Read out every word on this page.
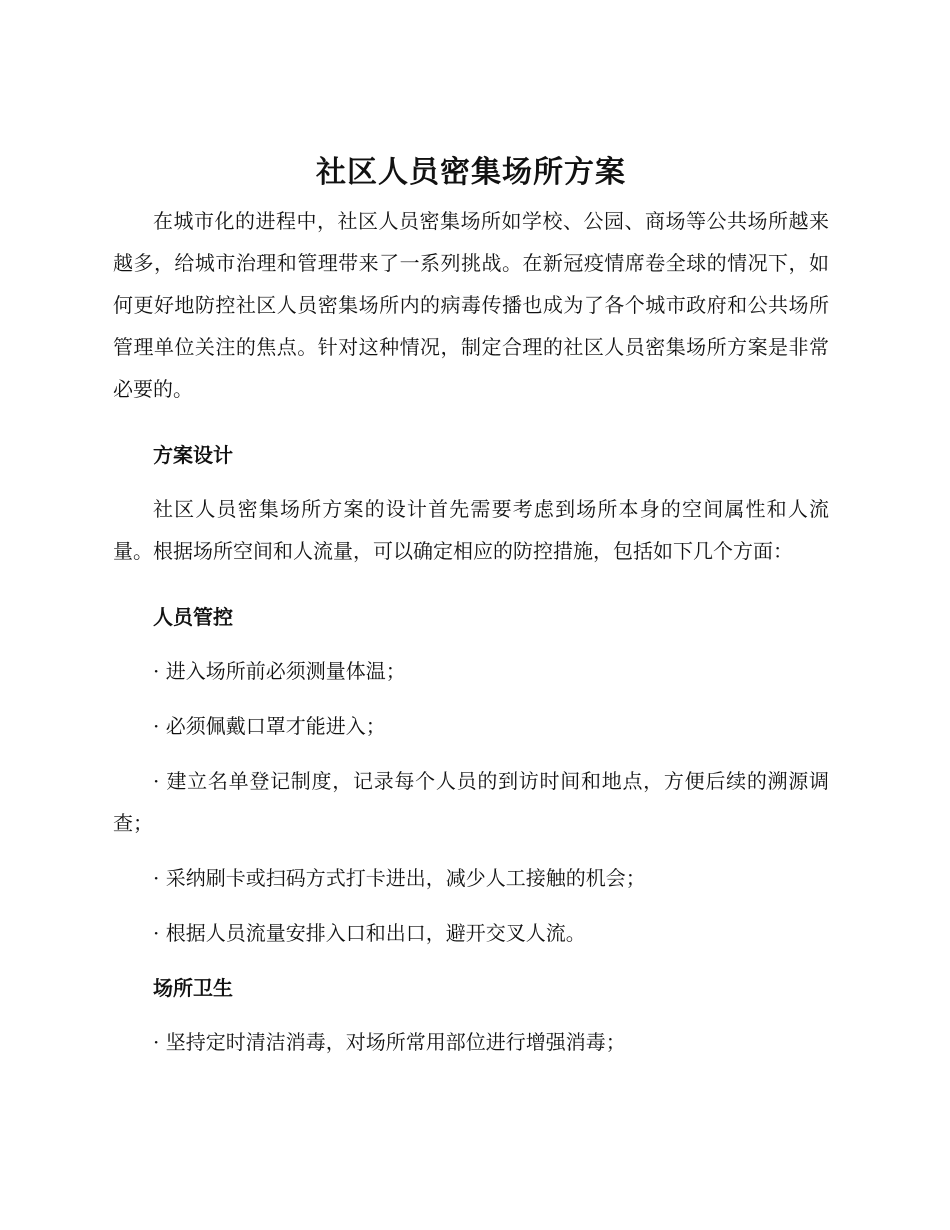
社区人员密集场所方案

在城市化的进程中，社区人员密集场所如学校、公园、商场等公共场所越来越多，给城市治理和管理带来了一系列挑战。在新冠疫情席卷全球的情况下，如何更好地防控社区人员密集场所内的病毒传播也成为了各个城市政府和公共场所管理单位关注的焦点。针对这种情况，制定合理的社区人员密集场所方案是非常必要的。

方案设计

社区人员密集场所方案的设计首先需要考虑到场所本身的空间属性和人流量。根据场所空间和人流量，可以确定相应的防控措施，包括如下几个方面：

人员管控

· 进入场所前必须测量体温；

· 必须佩戴口罩才能进入；

· 建立名单登记制度，记录每个人员的到访时间和地点，方便后续的溯源调查；

· 采纳刷卡或扫码方式打卡进出，减少人工接触的机会；

· 根据人员流量安排入口和出口，避开交叉人流。

场所卫生

· 坚持定时清洁消毒，对场所常用部位进行增强消毒；
